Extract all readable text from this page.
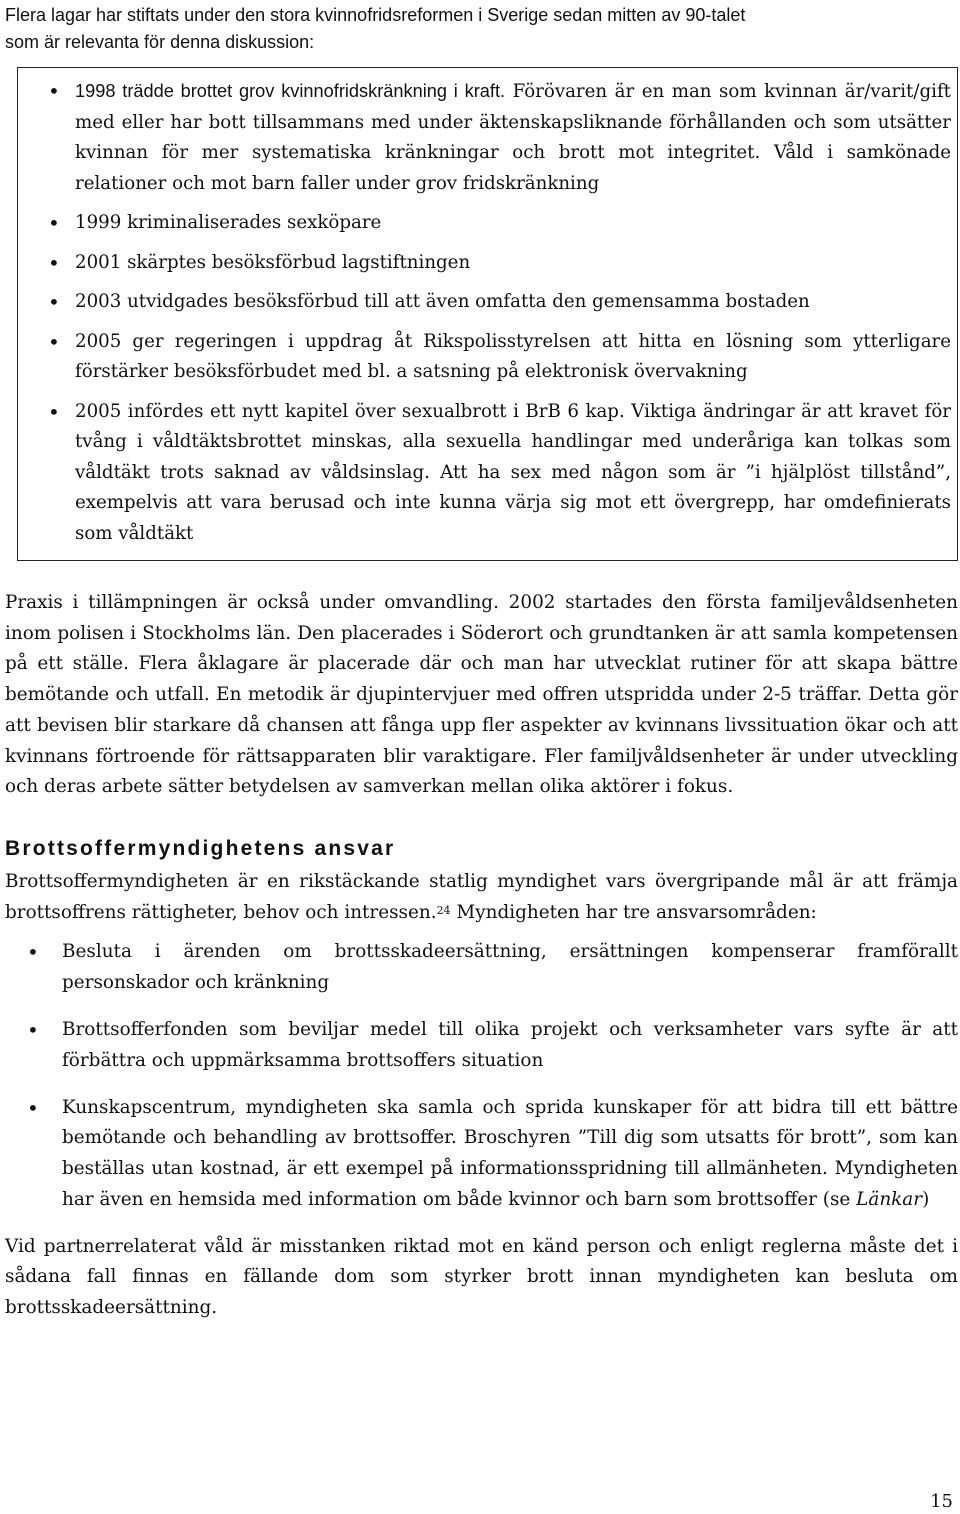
Flera lagar har stiftats under den stora kvinnofridsreformen i Sverige sedan mitten av 90-talet
som är relevanta för denna diskussion:

• 1998 trädde brottet grov kvinnofridskränkning i kraft. Förövaren är en man som kvinnan är/varit/gift med eller har bott tillsammans med under äktenskapsliknande förhållanden och som utsätter kvinnan för mer systematiska kränkningar och brott mot integritet. Våld i samkönade relationer och mot barn faller under grov fridskränkning
• 1999 kriminaliserades sexköpare
• 2001 skärptes besöksförbud lagstiftningen
• 2003 utvidgades besöksförbud till att även omfatta den gemensamma bostaden
• 2005 ger regeringen i uppdrag åt Rikspolisstyrelsen att hitta en lösning som ytterligare förstärker besöksförbudet med bl. a satsning på elektronisk övervakning
• 2005 infördes ett nytt kapitel över sexualbrott i BrB 6 kap. Viktiga ändringar är att kravet för tvång i våldtäktsbrottet minskas, alla sexuella handlingar med underåriga kan tolkas som våldtäkt trots saknad av våldsinslag. Att ha sex med någon som är ”i hjälplöst tillstånd”, exempelvis att vara berusad och inte kunna värja sig mot ett övergrepp, har omdefinierats som våldtäkt

Praxis i tillämpningen är också under omvandling. 2002 startades den första familjevåldsenheten inom polisen i Stockholms län. Den placerades i Söderort och grundtanken är att samla kompetensen på ett ställe. Flera åklagare är placerade där och man har utvecklat rutiner för att skapa bättre bemötande och utfall. En metodik är djupintervjuer med offren utspridda under 2-5 träffar. Detta gör att bevisen blir starkare då chansen att fånga upp fler aspekter av kvinnans livssituation ökar och att kvinnans förtroende för rättsapparaten blir varaktigare. Fler familjvåldsenheter är under utveckling och deras arbete sätter betydelsen av samverkan mellan olika aktörer i fokus.

Brottsoffermyndighetens ansvar

Brottsoffermyndigheten är en rikstäckande statlig myndighet vars övergripande mål är att främja brottsoffrens rättigheter, behov och intressen.$^{24}$ Myndigheten har tre ansvarsområden:

• Besluta i ärenden om brottsskadeersättning, ersättningen kompenserar framförallt personskador och kränkning
• Brottsofferfonden som beviljar medel till olika projekt och verksamheter vars syfte är att förbättra och uppmärksamma brottsoffers situation
• Kunskapscentrum, myndigheten ska samla och sprida kunskaper för att bidra till ett bättre bemötande och behandling av brottsoffer. Broschyren ”Till dig som utsatts för brott”, som kan beställas utan kostnad, är ett exempel på informationsspridning till allmänheten. Myndigheten har även en hemsida med information om både kvinnor och barn som brottsoffer (se Länkar)

Vid partnerrelaterat våld är misstanken riktad mot en känd person och enligt reglerna måste det i sådana fall finnas en fällande dom som styrker brott innan myndigheten kan besluta om brottsskadeersättning.

15
